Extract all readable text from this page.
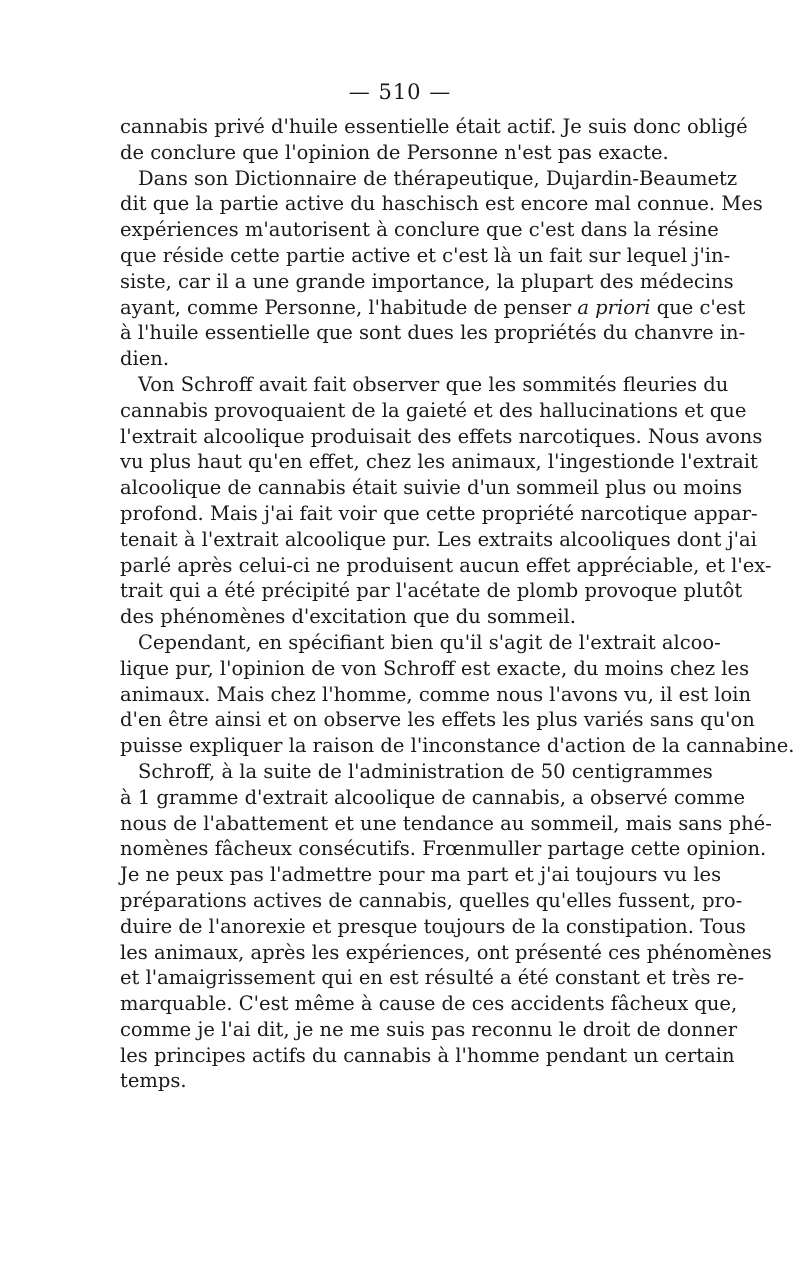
— 510 —
cannabis privé d'huile essentielle était actif. Je suis donc obligé
de conclure que l'opinion de Personne n'est pas exacte.
Dans son Dictionnaire de thérapeutique, Dujardin-Beaumetz
dit que la partie active du haschisch est encore mal connue. Mes
expériences m'autorisent à conclure que c'est dans la résine
que réside cette partie active et c'est là un fait sur lequel j'in-
siste, car il a une grande importance, la plupart des médecins
ayant, comme Personne, l'habitude de penser a priori que c'est
à l'huile essentielle que sont dues les propriétés du chanvre in-
dien.
Von Schroff avait fait observer que les sommités fleuries du
cannabis provoquaient de la gaieté et des hallucinations et que
l'extrait alcoolique produisait des effets narcotiques. Nous avons
vu plus haut qu'en effet, chez les animaux, l'ingestionde l'extrait
alcoolique de cannabis était suivie d'un sommeil plus ou moins
profond. Mais j'ai fait voir que cette propriété narcotique appar-
tenait à l'extrait alcoolique pur. Les extraits alcooliques dont j'ai
parlé après celui-ci ne produisent aucun effet appréciable, et l'ex-
trait qui a été précipité par l'acétate de plomb provoque plutôt
des phénomènes d'excitation que du sommeil.
Cependant, en spécifiant bien qu'il s'agit de l'extrait alcoo-
lique pur, l'opinion de von Schroff est exacte, du moins chez les
animaux. Mais chez l'homme, comme nous l'avons vu, il est loin
d'en être ainsi et on observe les effets les plus variés sans qu'on
puisse expliquer la raison de l'inconstance d'action de la cannabine.
Schroff, à la suite de l'administration de 50 centigrammes
à 1 gramme d'extrait alcoolique de cannabis, a observé comme
nous de l'abattement et une tendance au sommeil, mais sans phé-
nomènes fâcheux consécutifs. Frœnmuller partage cette opinion.
Je ne peux pas l'admettre pour ma part et j'ai toujours vu les
préparations actives de cannabis, quelles qu'elles fussent, pro-
duire de l'anorexie et presque toujours de la constipation. Tous
les animaux, après les expériences, ont présenté ces phénomènes
et l'amaigrissement qui en est résulté a été constant et très re-
marquable. C'est même à cause de ces accidents fâcheux que,
comme je l'ai dit, je ne me suis pas reconnu le droit de donner
les principes actifs du cannabis à l'homme pendant un certain
temps.
